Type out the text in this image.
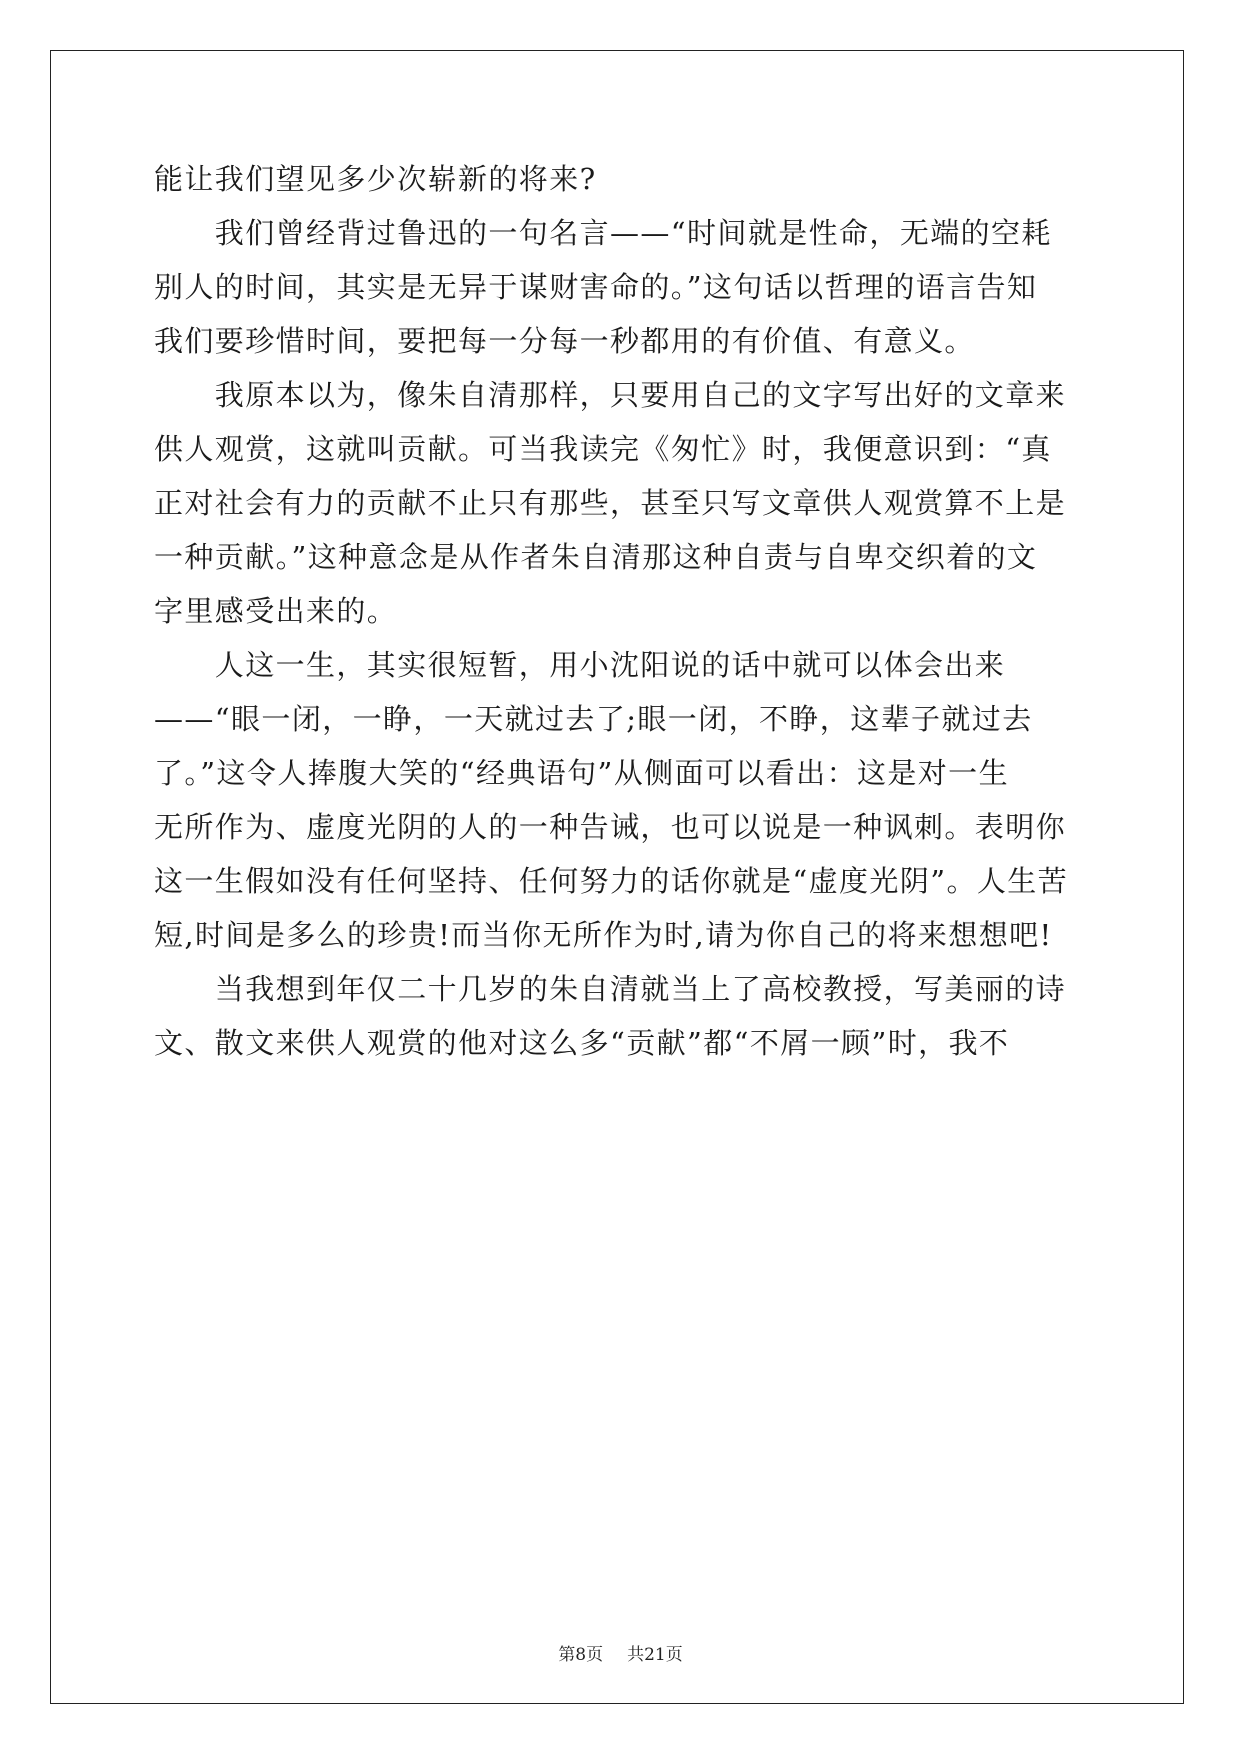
能让我们望见多少次崭新的将来?
　　我们曾经背过鲁迅的一句名言——“时间就是性命，无端的空耗
别人的时间，其实是无异于谋财害命的。”这句话以哲理的语言告知
我们要珍惜时间，要把每一分每一秒都用的有价值、有意义。
　　我原本以为，像朱自清那样，只要用自己的文字写出好的文章来
供人观赏，这就叫贡献。可当我读完《匆忙》时，我便意识到：“真
正对社会有力的贡献不止只有那些，甚至只写文章供人观赏算不上是
一种贡献。”这种意念是从作者朱自清那这种自责与自卑交织着的文
字里感受出来的。
　　人这一生，其实很短暂，用小沈阳说的话中就可以体会出来
——“眼一闭，一睁，一天就过去了;眼一闭，不睁，这辈子就过去
了。”这令人捧腹大笑的“经典语句”从侧面可以看出：这是对一生
无所作为、虚度光阴的人的一种告诫，也可以说是一种讽刺。表明你
这一生假如没有任何坚持、任何努力的话你就是“虚度光阴”。人生苦
短,时间是多么的珍贵!而当你无所作为时,请为你自己的将来想想吧!
　　当我想到年仅二十几岁的朱自清就当上了高校教授，写美丽的诗
文、散文来供人观赏的他对这么多“贡献”都“不屑一顾”时，我不
第8页 共21页
